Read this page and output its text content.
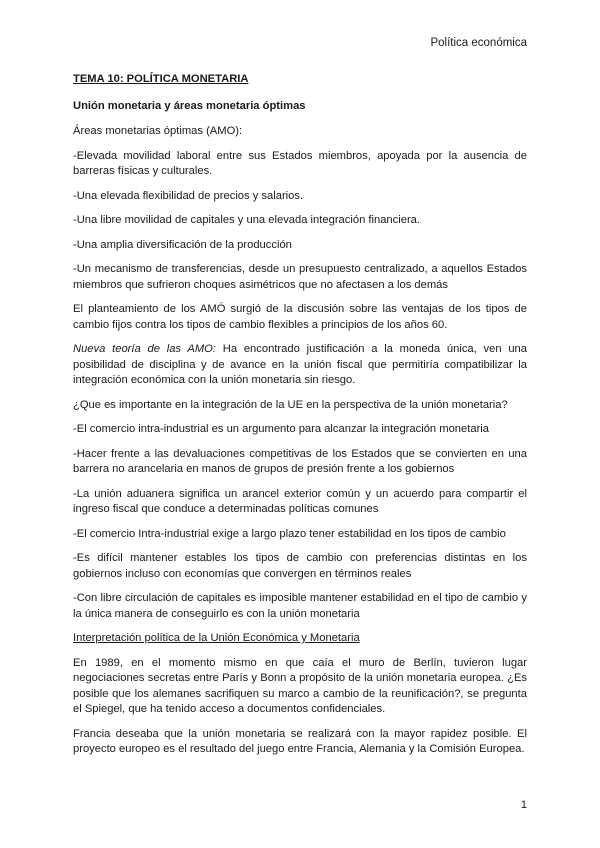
Política económica

TEMA 10: POLÍTICA MONETARIA

Unión monetaria y áreas monetaria óptimas

Áreas monetarias óptimas (AMO):

-Elevada movilidad laboral entre sus Estados miembros, apoyada por la ausencia de barreras físicas y culturales.

-Una elevada flexibilidad de precios y salarios.

-Una libre movilidad de capitales y una elevada integración financiera.

-Una amplia diversificación de la producción

-Un mecanismo de transferencias, desde un presupuesto centralizado, a aquellos Estados miembros que sufrieron choques asimétricos que no afectasen a los demás

El planteamiento de los AMÓ surgió de la discusión sobre las ventajas de los tipos de cambio fijos contra los tipos de cambio flexibles a principios de los años 60.

Nueva teoría de las AMO: Ha encontrado justificación a la moneda única, ven una posibilidad de disciplina y de avance en la unión fiscal que permitiría compatibilizar la integración económica con la unión monetaria sin riesgo.

¿Que es importante en la integración de la UE en la perspectiva de la unión monetaria?

-El comercio intra-industrial es un argumento para alcanzar la integración monetaria

-Hacer frente a las devaluaciones competitivas de los Estados que se convierten en una barrera no arancelaria en manos de grupos de presión frente a los gobiernos

-La unión aduanera significa un arancel exterior común y un acuerdo para compartir el ingreso fiscal que conduce a determinadas políticas comunes

-El comercio Intra-industrial exige a largo plazo tener estabilidad en los tipos de cambio

-Es difícil mantener estables los tipos de cambio con preferencias distintas en los gobiernos incluso con economías que convergen en términos reales

-Con libre circulación de capitales es imposible mantener estabilidad en el tipo de cambio y la única manera de conseguirlo es con la unión monetaria

Interpretación política de la Unión Económica y Monetaria

En 1989, en el momento mismo en que caía el muro de Berlín, tuvieron lugar negociaciones secretas entre París y Bonn a propósito de la unión monetaria europea. ¿Es posible que los alemanes sacrifiquen su marco a cambio de la reunificación?, se pregunta el Spiegel, que ha tenido acceso a documentos confidenciales.

Francia deseaba que la unión monetaria se realizará con la mayor rapidez posible. El proyecto europeo es el resultado del juego entre Francia, Alemania y la Comisión Europea.

1
